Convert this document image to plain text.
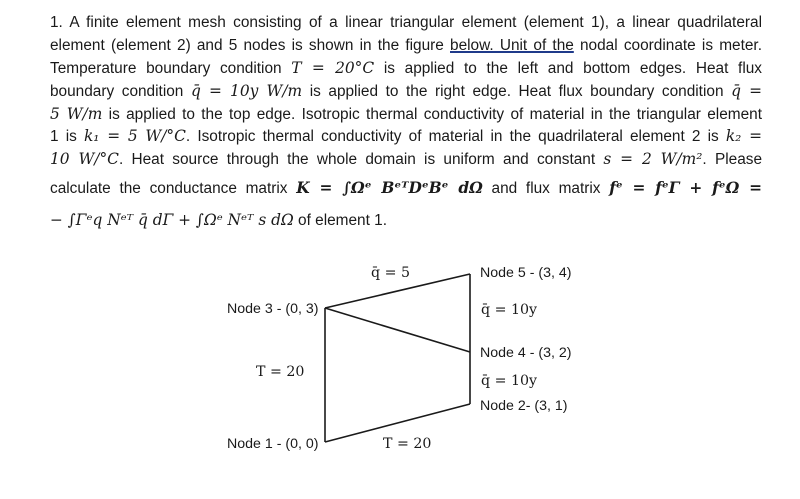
1. A finite element mesh consisting of a linear triangular element (element 1), a linear quadrilateral
element (element 2) and 5 nodes is shown in the figure below. Unit of the nodal coordinate is meter.
Temperature boundary condition T = 20°C is applied to the left and bottom edges. Heat flux
boundary condition q̄ = 10y W/m is applied to the right edge. Heat flux boundary condition q̄ =
5 W/m is applied to the top edge. Isotropic thermal conductivity of material in the triangular element
1 is k₁ = 5 W/°C. Isotropic thermal conductivity of material in the quadrilateral element 2 is k₂ =
10 W/°C. Heat source through the whole domain is uniform and constant s = 2 W/m². Please
calculate the conductance matrix K = ∫Ωᵉ BᵉᵀDᵉBᵉ dΩ and flux matrix fᵉ = fᵉΓ + fᵉΩ =
− ∫Γᵉq Nᵉᵀ q̄ dΓ + ∫Ωᵉ Nᵉᵀ s dΩ of element 1.
q̄ = 5	Node 5 - (3, 4)
Node 3 - (0, 3)	q̄ = 10y
Node 4 - (3, 2)
T = 20
q̄ = 10y
Node 2- (3, 1)
Node 1 - (0, 0)	T = 20
